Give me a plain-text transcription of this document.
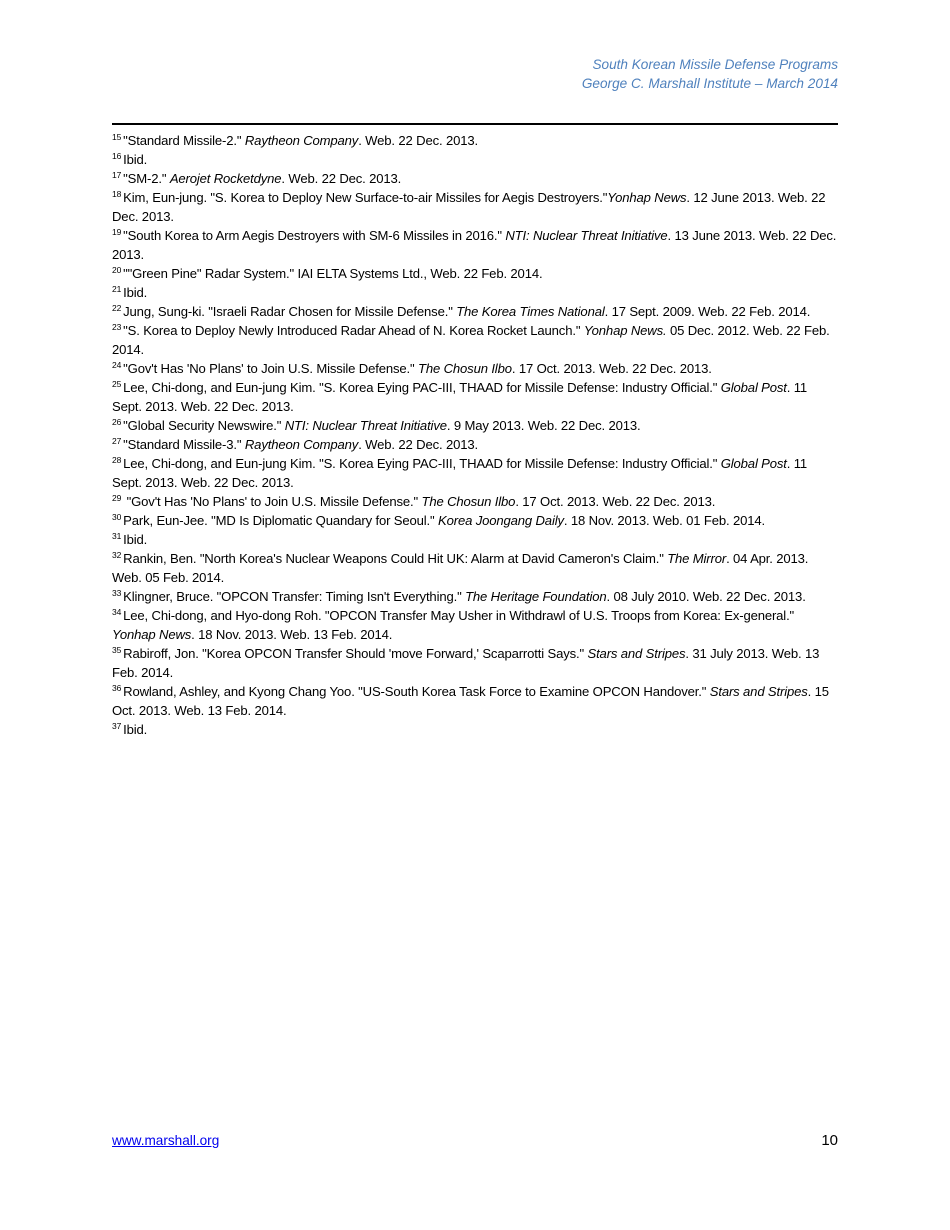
South Korean Missile Defense Programs
George C. Marshall Institute – March 2014

$^{15}$ "Standard Missile-2." Raytheon Company. Web. 22 Dec. 2013.

$^{16}$ Ibid.

$^{17}$ "SM-2." Aerojet Rocketdyne. Web. 22 Dec. 2013.

$^{18}$ Kim, Eun-jung. "S. Korea to Deploy New Surface-to-air Missiles for Aegis Destroyers."Yonhap News. 12 June 2013. Web. 22 Dec. 2013.

$^{19}$ "South Korea to Arm Aegis Destroyers with SM-6 Missiles in 2016." NTI: Nuclear Threat Initiative. 13 June 2013. Web. 22 Dec. 2013.

$^{20}$ ""Green Pine" Radar System." IAI ELTA Systems Ltd., Web. 22 Feb. 2014.

$^{21}$ Ibid.

$^{22}$ Jung, Sung-ki. "Israeli Radar Chosen for Missile Defense." The Korea Times National. 17 Sept. 2009. Web. 22 Feb. 2014.

$^{23}$ "S. Korea to Deploy Newly Introduced Radar Ahead of N. Korea Rocket Launch." Yonhap News. 05 Dec. 2012. Web. 22 Feb. 2014.

$^{24}$ "Gov't Has 'No Plans' to Join U.S. Missile Defense." The Chosun Ilbo. 17 Oct. 2013. Web. 22 Dec. 2013.

$^{25}$ Lee, Chi-dong, and Eun-jung Kim. "S. Korea Eying PAC-III, THAAD for Missile Defense: Industry Official." Global Post. 11 Sept. 2013. Web. 22 Dec. 2013.

$^{26}$ "Global Security Newswire." NTI: Nuclear Threat Initiative. 9 May 2013. Web. 22 Dec. 2013.

$^{27}$ "Standard Missile-3." Raytheon Company. Web. 22 Dec. 2013.

$^{28}$ Lee, Chi-dong, and Eun-jung Kim. "S. Korea Eying PAC-III, THAAD for Missile Defense: Industry Official." Global Post. 11 Sept. 2013. Web. 22 Dec. 2013.

$^{29}$ "Gov't Has 'No Plans' to Join U.S. Missile Defense." The Chosun Ilbo. 17 Oct. 2013. Web. 22 Dec. 2013.

$^{30}$ Park, Eun-Jee. "MD Is Diplomatic Quandary for Seoul." Korea Joongang Daily. 18 Nov. 2013. Web. 01 Feb. 2014.

$^{31}$ Ibid.

$^{32}$ Rankin, Ben. "North Korea's Nuclear Weapons Could Hit UK: Alarm at David Cameron's Claim." The Mirror. 04 Apr. 2013. Web. 05 Feb. 2014.

$^{33}$ Klingner, Bruce. "OPCON Transfer: Timing Isn't Everything." The Heritage Foundation. 08 July 2010. Web. 22 Dec. 2013.

$^{34}$ Lee, Chi-dong, and Hyo-dong Roh. "OPCON Transfer May Usher in Withdrawl of U.S. Troops from Korea: Ex-general." Yonhap News. 18 Nov. 2013. Web. 13 Feb. 2014.

$^{35}$ Rabiroff, Jon. "Korea OPCON Transfer Should 'move Forward,' Scaparrotti Says." Stars and Stripes. 31 July 2013. Web. 13 Feb. 2014.

$^{36}$ Rowland, Ashley, and Kyong Chang Yoo. "US-South Korea Task Force to Examine OPCON Handover." Stars and Stripes. 15 Oct. 2013. Web. 13 Feb. 2014.

$^{37}$ Ibid.

www.marshall.org	10
